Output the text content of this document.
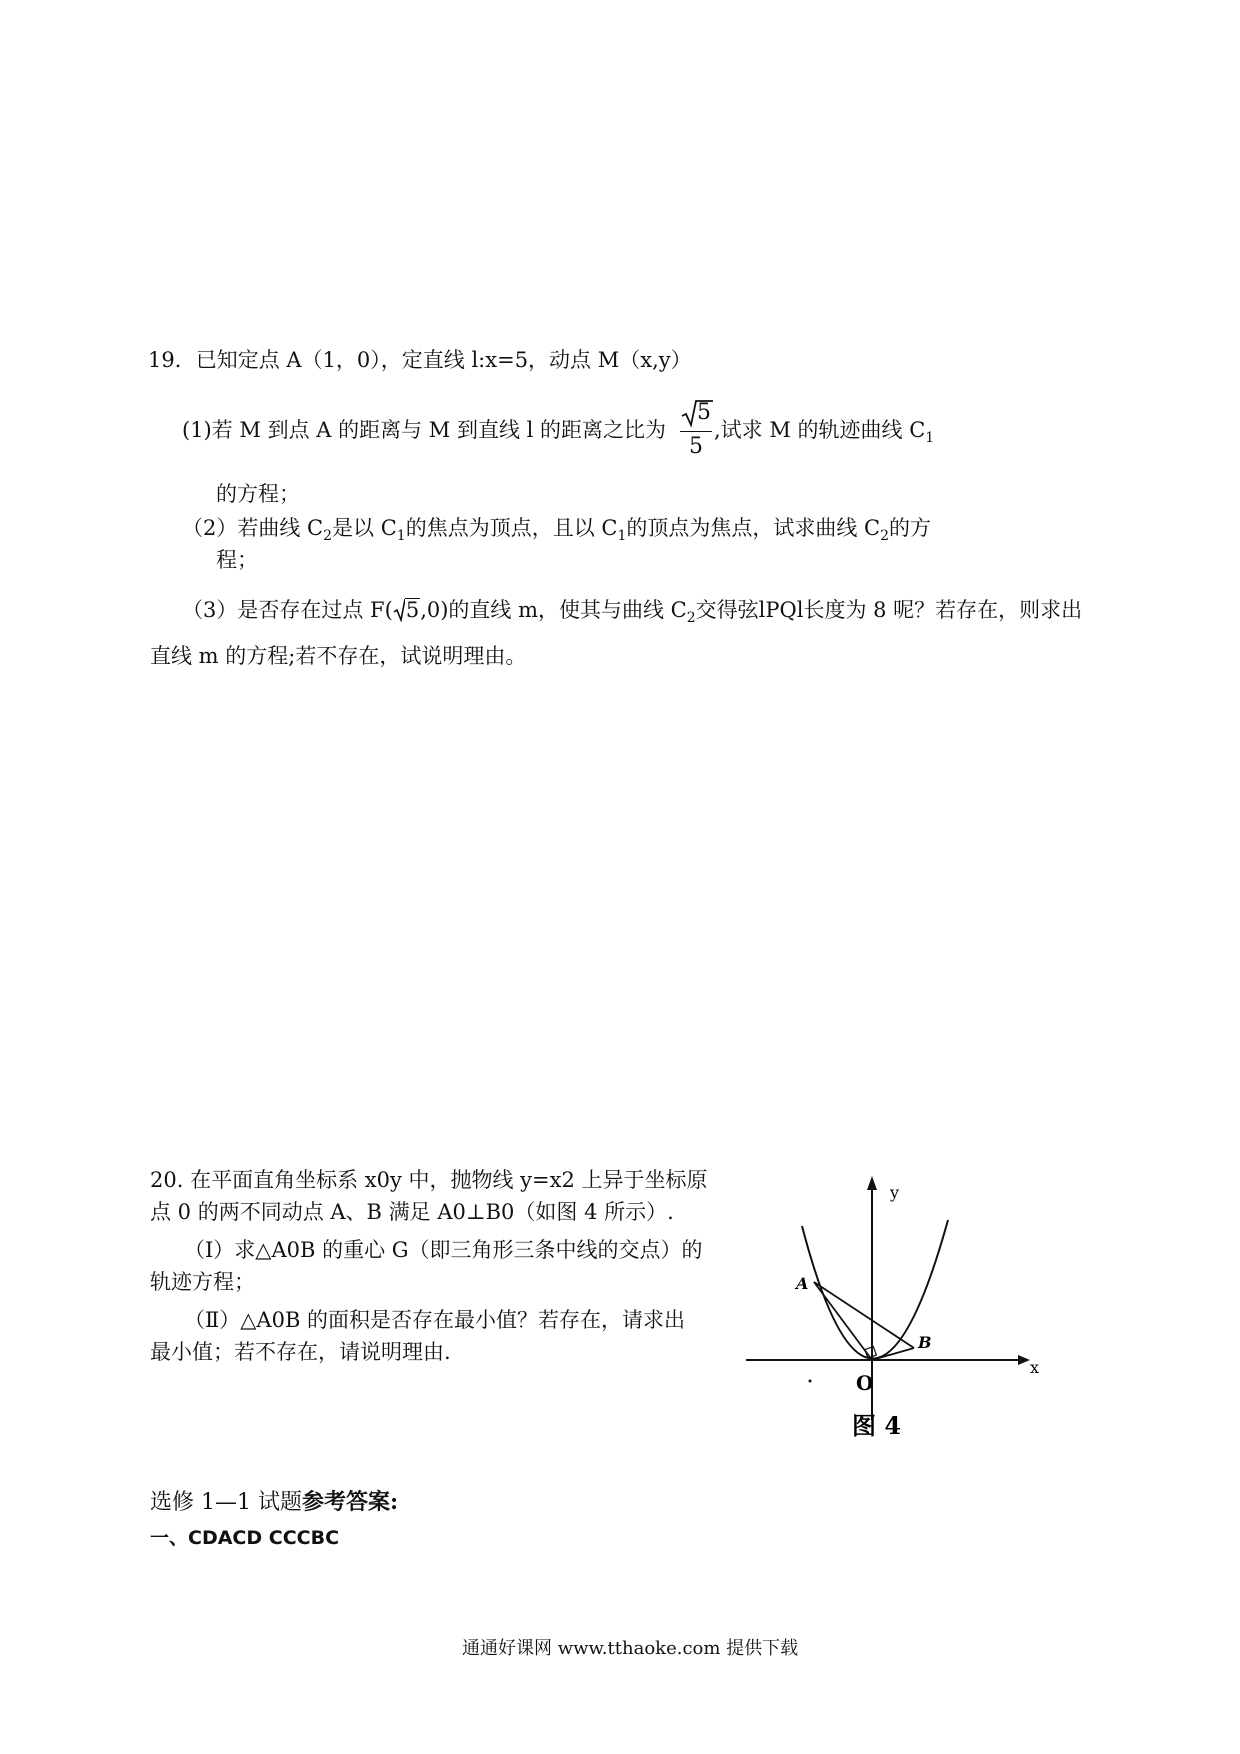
19．已知定点 A（1，0），定直线 l:x=5，动点 M（x,y）
(1)若 M 到点 A 的距离与 M 到直线 l 的距离之比为
5
5
,试求 M 的轨迹曲线 $C_1$
的方程；
（2）若曲线 $C_2$是以 $C_1$的焦点为顶点，且以 $C_1$的顶点为焦点，试求曲线 $C_2$的方
程；
（3）是否存在过点 F( 5,0)的直线 m，使其与曲线 $C_2$交得弦lPQl长度为 8 呢？若存在，则求出
直线 m 的方程;若不存在，试说明理由。
20. 在平面直角坐标系 x0y 中，抛物线 y=x2 上异于坐标原
点 0 的两不同动点 A、B 满足 A0⊥B0（如图 4 所示）.
（Ⅰ）求△A0B 的重心 G（即三角形三条中线的交点）的
轨迹方程；
（Ⅱ）△A0B 的面积是否存在最小值？若存在，请求出
最小值；若不存在，请说明理由.
y
x
A
B
O
图 4
选修 1—1 试题参考答案:
一、CDACD CCCBC
通通好课网 www.tthaoke.com 提供下载
